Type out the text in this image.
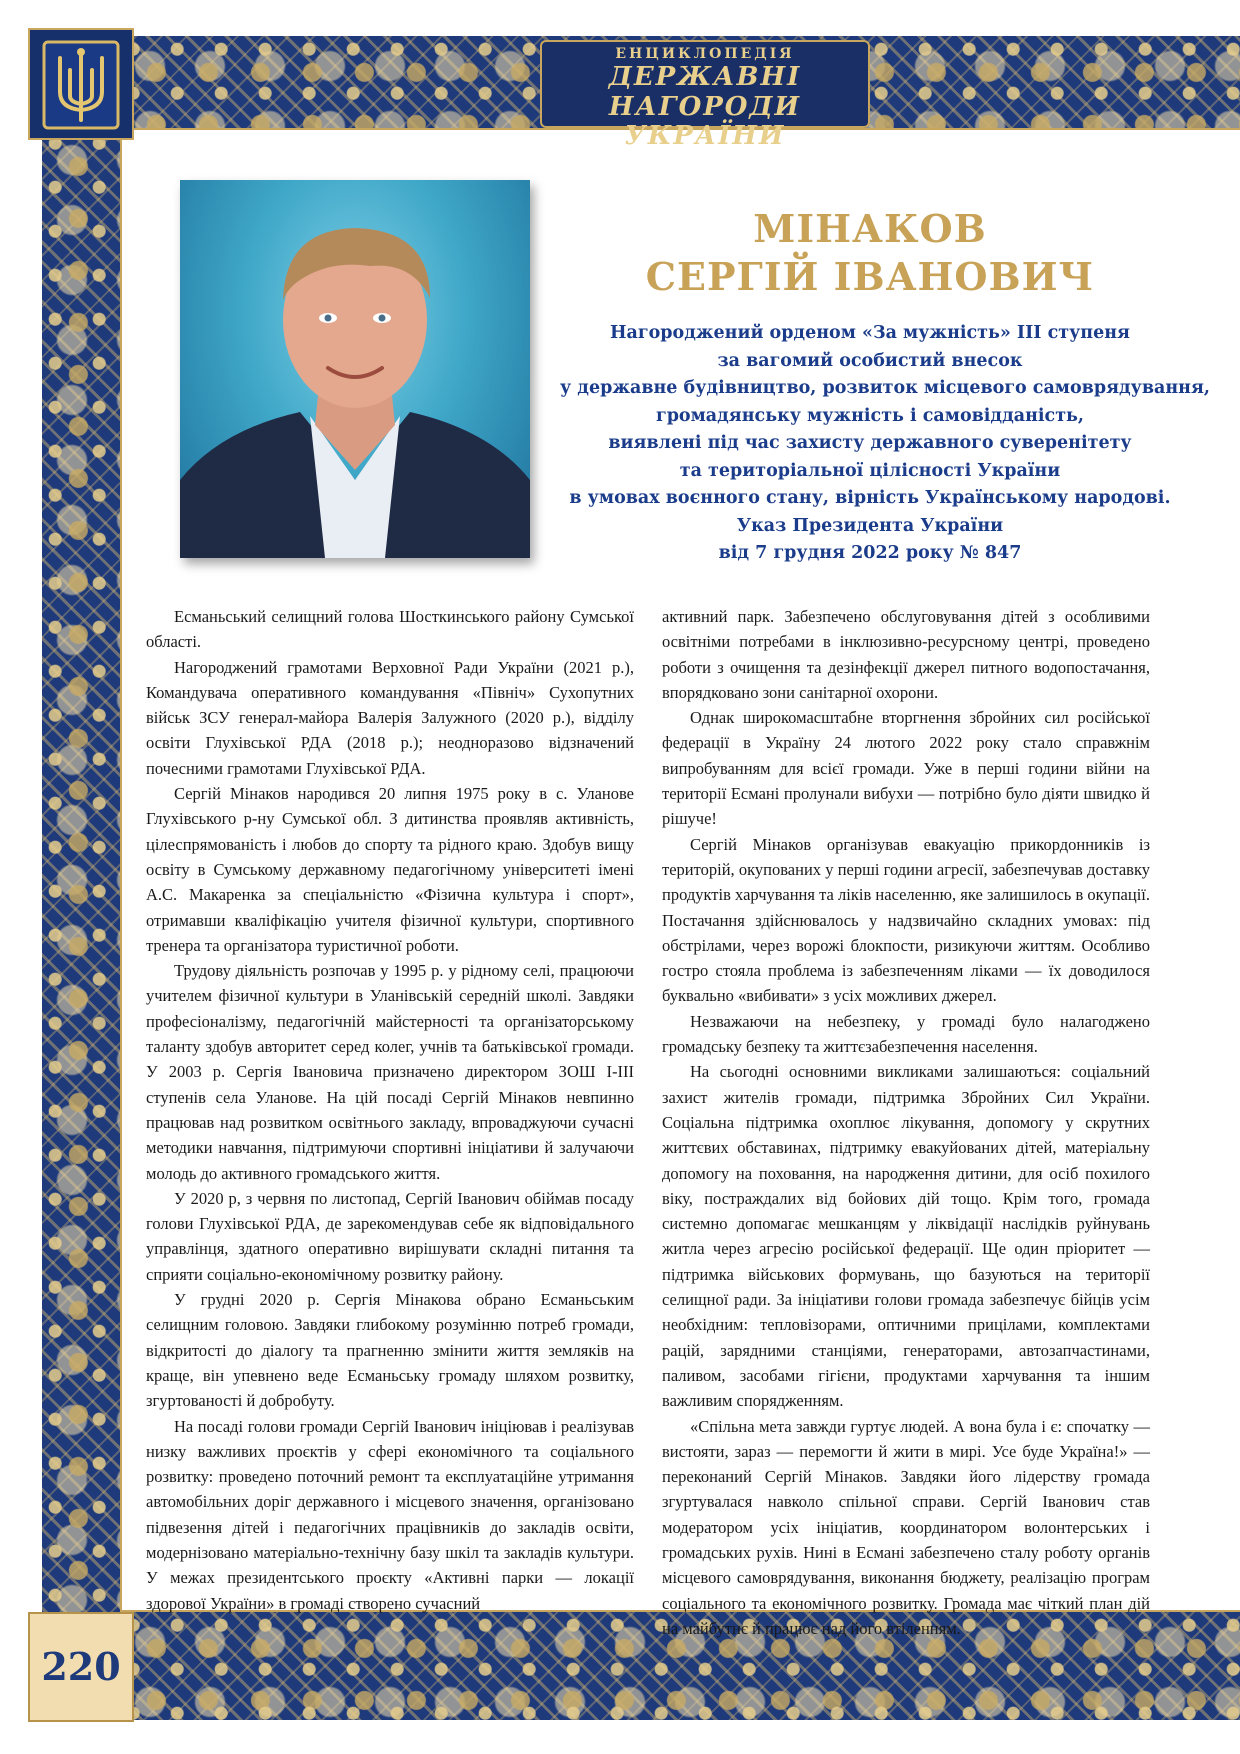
ЕНЦИКЛОПЕДІЯ
ДЕРЖАВНІ НАГОРОДИ
УКРАЇНИ
220
МІНАКОВ
СЕРГІЙ ІВАНОВИЧ
Нагороджений орденом «За мужність» ІІІ ступеня
за вагомий особистий внесок
у державне будівництво, розвиток місцевого самоврядування,
громадянську мужність і самовідданість,
виявлені під час захисту державного суверенітету
та територіальної цілісності України
в умовах воєнного стану, вірність Українському народові.
Указ Президента України
від 7 грудня 2022 року № 847

Есманьський селищний голова Шосткинського району Сумської області.

Нагороджений грамотами Верховної Ради України (2021 р.), Командувача оперативного командування «Північ» Сухопутних військ ЗСУ генерал-майора Валерія Залужного (2020 р.), відділу освіти Глухівської РДА (2018 р.); неодноразово відзначений почесними грамотами Глухівської РДА.

Сергій Мінаков народився 20 липня 1975 року в с. Уланове Глухівського р-ну Сумської обл. З дитинства проявляв активність, цілеспрямованість і любов до спорту та рідного краю. Здобув вищу освіту в Сумському державному педагогічному університеті імені А.С. Макаренка за спеціальністю «Фізична культура і спорт», отримавши кваліфікацію учителя фізичної культури, спортивного тренера та організатора туристичної роботи.

Трудову діяльність розпочав у 1995 р. у рідному селі, працюючи учителем фізичної культури в Уланівській середній школі. Завдяки професіоналізму, педагогічній майстерності та організаторському таланту здобув авторитет серед колег, учнів та батьківської громади. У 2003 р. Сергія Івановича призначено директором ЗОШ І-ІІІ ступенів села Уланове. На цій посаді Сергій Мінаков невпинно працював над розвитком освітнього закладу, впроваджуючи сучасні методики навчання, підтримуючи спортивні ініціативи й залучаючи молодь до активного громадського життя.

У 2020 р, з червня по листопад, Сергій Іванович обіймав посаду голови Глухівської РДА, де зарекомендував себе як відповідального управлінця, здатного оперативно вирішувати складні питання та сприяти соціально-економічному розвитку району.

У грудні 2020 р. Сергія Мінакова обрано Есманьським селищним головою. Завдяки глибокому розумінню потреб громади, відкритості до діалогу та прагненню змінити життя земляків на краще, він упевнено веде Есманьську громаду шляхом розвитку, згуртованості й добробуту.

На посаді голови громади Сергій Іванович ініціював і реалізував низку важливих проєктів у сфері економічного та соціального розвитку: проведено поточний ремонт та експлуатаційне утримання автомобільних доріг державного і місцевого значення, організовано підвезення дітей і педагогічних працівників до закладів освіти, модернізовано матеріально-технічну базу шкіл та закладів культури. У межах президентського проєкту «Активні парки — локації здорової України» в громаді створено сучасний

активний парк. Забезпечено обслуговування дітей з особливими освітніми потребами в інклюзивно-ресурсному центрі, проведено роботи з очищення та дезінфекції джерел питного водопостачання, впорядковано зони санітарної охорони.

Однак широкомасштабне вторгнення збройних сил російської федерації в Україну 24 лютого 2022 року стало справжнім випробуванням для всієї громади. Уже в перші години війни на території Есмані пролунали вибухи — потрібно було діяти швидко й рішуче!

Сергій Мінаков організував евакуацію прикордонників із територій, окупованих у перші години агресії, забезпечував доставку продуктів харчування та ліків населенню, яке залишилось в окупації. Постачання здійснювалось у надзвичайно складних умовах: під обстрілами, через ворожі блокпости, ризикуючи життям. Особливо гостро стояла проблема із забезпеченням ліками — їх доводилося буквально «вибивати» з усіх можливих джерел.

Незважаючи на небезпеку, у громаді було налагоджено громадську безпеку та життєзабезпечення населення.

На сьогодні основними викликами залишаються: соціальний захист жителів громади, підтримка Збройних Сил України. Соціальна підтримка охоплює лікування, допомогу у скрутних життєвих обставинах, підтримку евакуйованих дітей, матеріальну допомогу на поховання, на народження дитини, для осіб похилого віку, постраждалих від бойових дій тощо. Крім того, громада системно допомагає мешканцям у ліквідації наслідків руйнувань житла через агресію російської федерації. Ще один пріоритет — підтримка військових формувань, що базуються на території селищної ради. За ініціативи голови громада забезпечує бійців усім необхідним: тепловізорами, оптичними прицілами, комплектами рацій, зарядними станціями, генераторами, автозапчастинами, паливом, засобами гігієни, продуктами харчування та іншим важливим спорядженням.

«Спільна мета завжди гуртує людей. А вона була і є: спочатку — вистояти, зараз — перемогти й жити в мирі. Усе буде Україна!» — переконаний Сергій Мінаков. Завдяки його лідерству громада згуртувалася навколо спільної справи. Сергій Іванович став модератором усіх ініціатив, координатором волонтерських і громадських рухів. Нині в Есмані забезпечено сталу роботу органів місцевого самоврядування, виконання бюджету, реалізацію програм соціального та економічного розвитку. Громада має чіткий план дій на майбутнє й працює над його втіленням.
